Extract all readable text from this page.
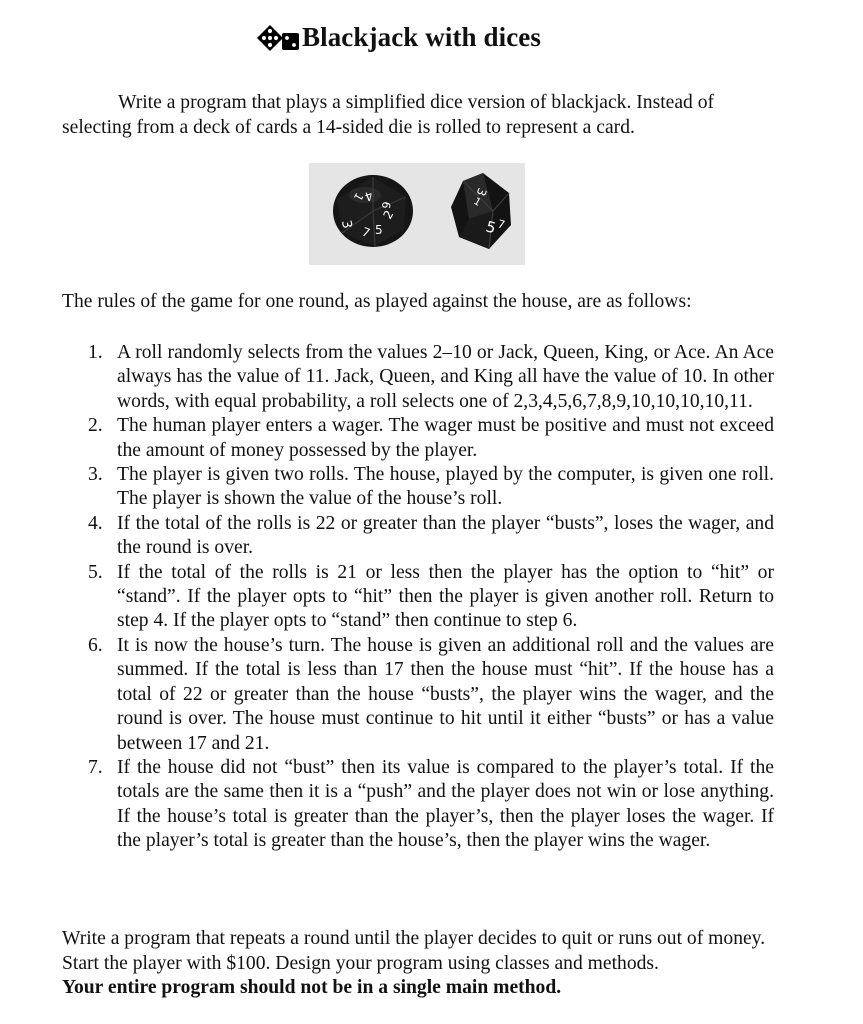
Blackjack with dices

Write a program that plays a simplified dice version of blackjack. Instead of selecting from a deck of cards a 14-sided die is rolled to represent a card.

4
1
6
2
5
7
3
3
1
5
7

The rules of the game for one round, as played against the house, are as follows:

1. A roll randomly selects from the values 2–10 or Jack, Queen, King, or Ace. An Ace always has the value of 11. Jack, Queen, and King all have the value of 10. In other words, with equal probability, a roll selects one of 2,3,4,5,6,7,8,9,10,10,10,10,11.
2. The human player enters a wager. The wager must be positive and must not exceed the amount of money possessed by the player.
3. The player is given two rolls. The house, played by the computer, is given one roll. The player is shown the value of the house’s roll.
4. If the total of the rolls is 22 or greater than the player “busts”, loses the wager, and the round is over.
5. If the total of the rolls is 21 or less then the player has the option to “hit” or “stand”. If the player opts to “hit” then the player is given another roll. Return to step 4. If the player opts to “stand” then continue to step 6.
6. It is now the house’s turn. The house is given an additional roll and the values are summed. If the total is less than 17 then the house must “hit”. If the house has a total of 22 or greater than the house “busts”, the player wins the wager, and the round is over. The house must continue to hit until it either “busts” or has a value between 17 and 21.
7. If the house did not “bust” then its value is compared to the player’s total. If the totals are the same then it is a “push” and the player does not win or lose anything. If the house’s total is greater than the player’s, then the player loses the wager. If the player’s total is greater than the house’s, then the player wins the wager.

Write a program that repeats a round until the player decides to quit or runs out of money. Start the player with $100. Design your program using classes and methods.
Your entire program should not be in a single main method.
